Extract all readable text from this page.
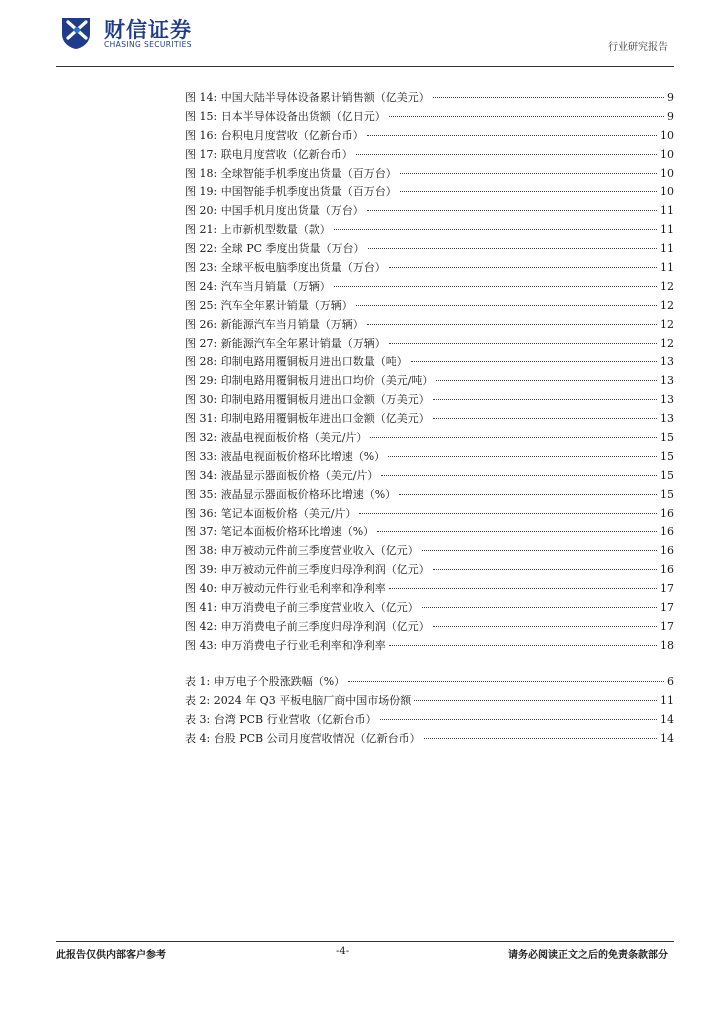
财信证券
CHASING SECURITIES	行业研究报告
图 14: 中国大陆半导体设备累计销售额（亿美元）	9
图 15: 日本半导体设备出货额（亿日元）	9
图 16: 台积电月度营收（亿新台币）	10
图 17: 联电月度营收（亿新台币）	10
图 18: 全球智能手机季度出货量（百万台）	10
图 19: 中国智能手机季度出货量（百万台）	10
图 20: 中国手机月度出货量（万台）	11
图 21: 上市新机型数量（款）	11
图 22: 全球 PC 季度出货量（万台）	11
图 23: 全球平板电脑季度出货量（万台）	11
图 24: 汽车当月销量（万辆）	12
图 25: 汽车全年累计销量（万辆）	12
图 26: 新能源汽车当月销量（万辆）	12
图 27: 新能源汽车全年累计销量（万辆）	12
图 28: 印制电路用覆铜板月进出口数量（吨）	13
图 29: 印制电路用覆铜板月进出口均价（美元/吨）	13
图 30: 印制电路用覆铜板月进出口金额（万美元）	13
图 31: 印制电路用覆铜板年进出口金额（亿美元）	13
图 32: 液晶电视面板价格（美元/片）	15
图 33: 液晶电视面板价格环比增速（%）	15
图 34: 液晶显示器面板价格（美元/片）	15
图 35: 液晶显示器面板价格环比增速（%）	15
图 36: 笔记本面板价格（美元/片）	16
图 37: 笔记本面板价格环比增速（%）	16
图 38: 申万被动元件前三季度营业收入（亿元）	16
图 39: 申万被动元件前三季度归母净利润（亿元）	16
图 40: 申万被动元件行业毛利率和净利率	17
图 41: 申万消费电子前三季度营业收入（亿元）	17
图 42: 申万消费电子前三季度归母净利润（亿元）	17
图 43: 申万消费电子行业毛利率和净利率	18
表 1: 申万电子个股涨跌幅（%）	6
表 2: 2024 年 Q3 平板电脑厂商中国市场份额	11
表 3: 台湾 PCB 行业营收（亿新台币）	14
表 4: 台股 PCB 公司月度营收情况（亿新台币）	14
此报告仅供内部客户参考	-4-	请务必阅读正文之后的免责条款部分
